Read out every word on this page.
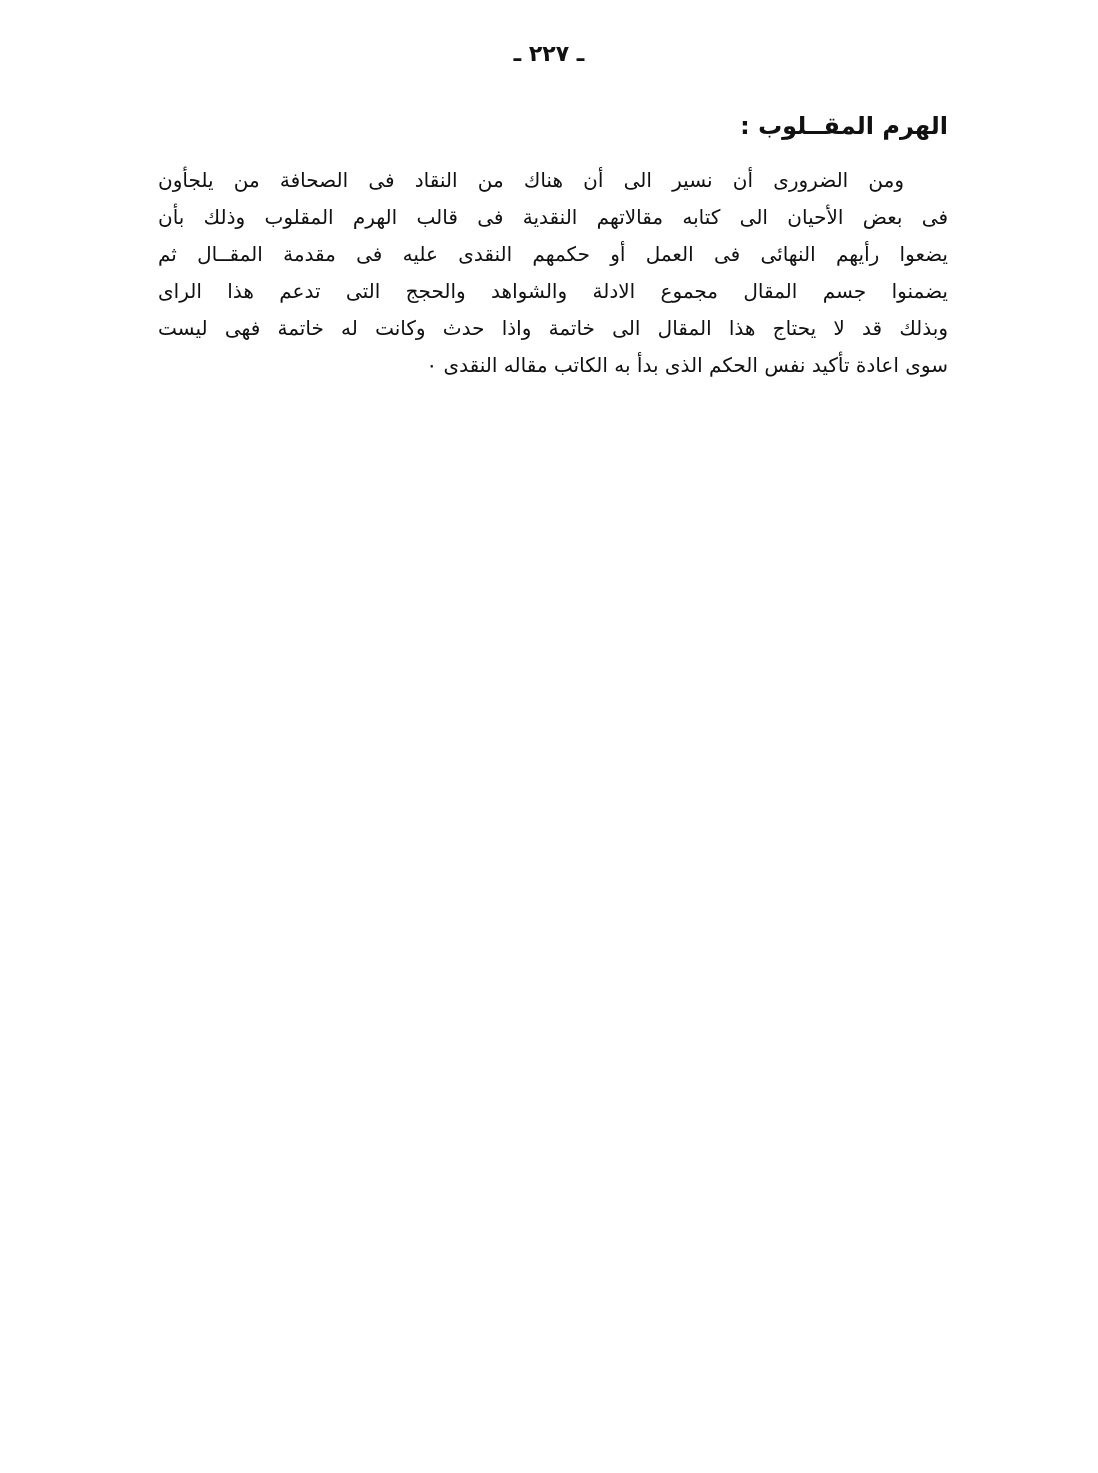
ـ ٢٢٧ ـ
الهرم المقــلوب :
ومن الضرورى أن نسير الى أن هناك من النقاد فى الصحافة من يلجأون
فى بعض الأحيان الى كتابه مقالاتهم النقدية فى قالب الهرم المقلوب وذلك بأن
يضعوا رأيهم النهائى فى العمل أو حكمهم النقدى عليه فى مقدمة المقــال ثم
يضمنوا جسم المقال مجموع الادلة والشواهد والحجج التى تدعم هذا الراى
وبذلك قد لا يحتاج هذا المقال الى خاتمة واذا حدث وكانت له خاتمة فهى ليست
سوى اعادة تأكيد نفس الحكم الذى بدأ به الكاتب مقاله النقدى ٠
